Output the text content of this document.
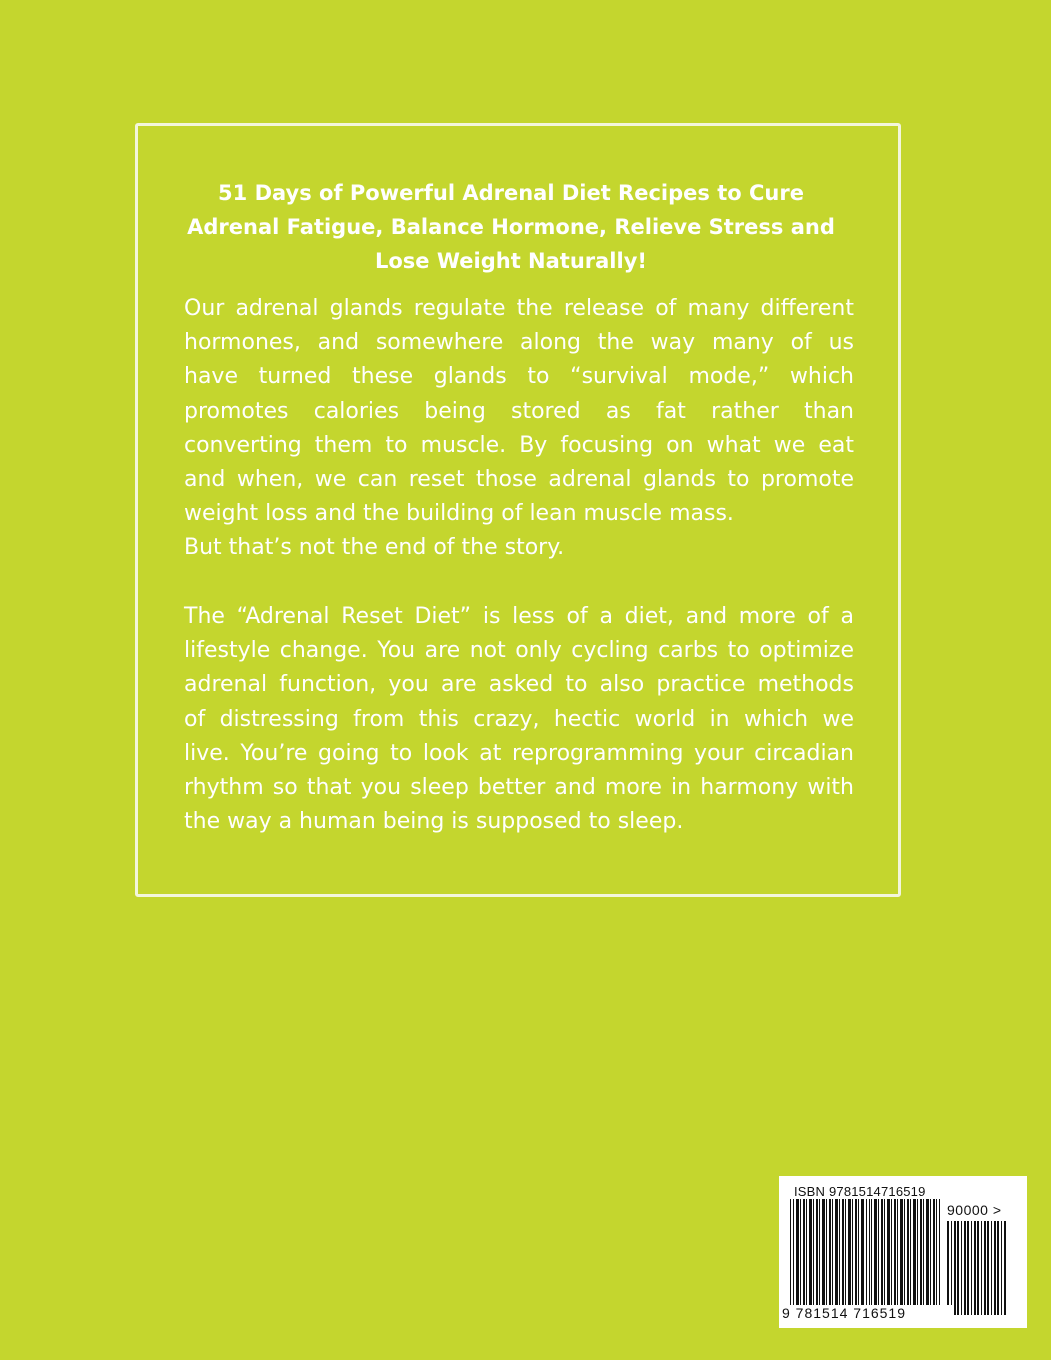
51 Days of Powerful Adrenal Diet Recipes to Cure
Adrenal Fatigue, Balance Hormone, Relieve Stress and
Lose Weight Naturally!

Our adrenal glands regulate the release of many different
hormones, and somewhere along the way many of us
have turned these glands to “survival mode,” which
promotes calories being stored as fat rather than
converting them to muscle. By focusing on what we eat
and when, we can reset those adrenal glands to promote
weight loss and the building of lean muscle mass.
But that’s not the end of the story.

The “Adrenal Reset Diet” is less of a diet, and more of a
lifestyle change. You are not only cycling carbs to optimize
adrenal function, you are asked to also practice methods
of distressing from this crazy, hectic world in which we
live. You’re going to look at reprogramming your circadian
rhythm so that you sleep better and more in harmony with
the way a human being is supposed to sleep.

ISBN 9781514716519
90000 >
9 781514 716519
